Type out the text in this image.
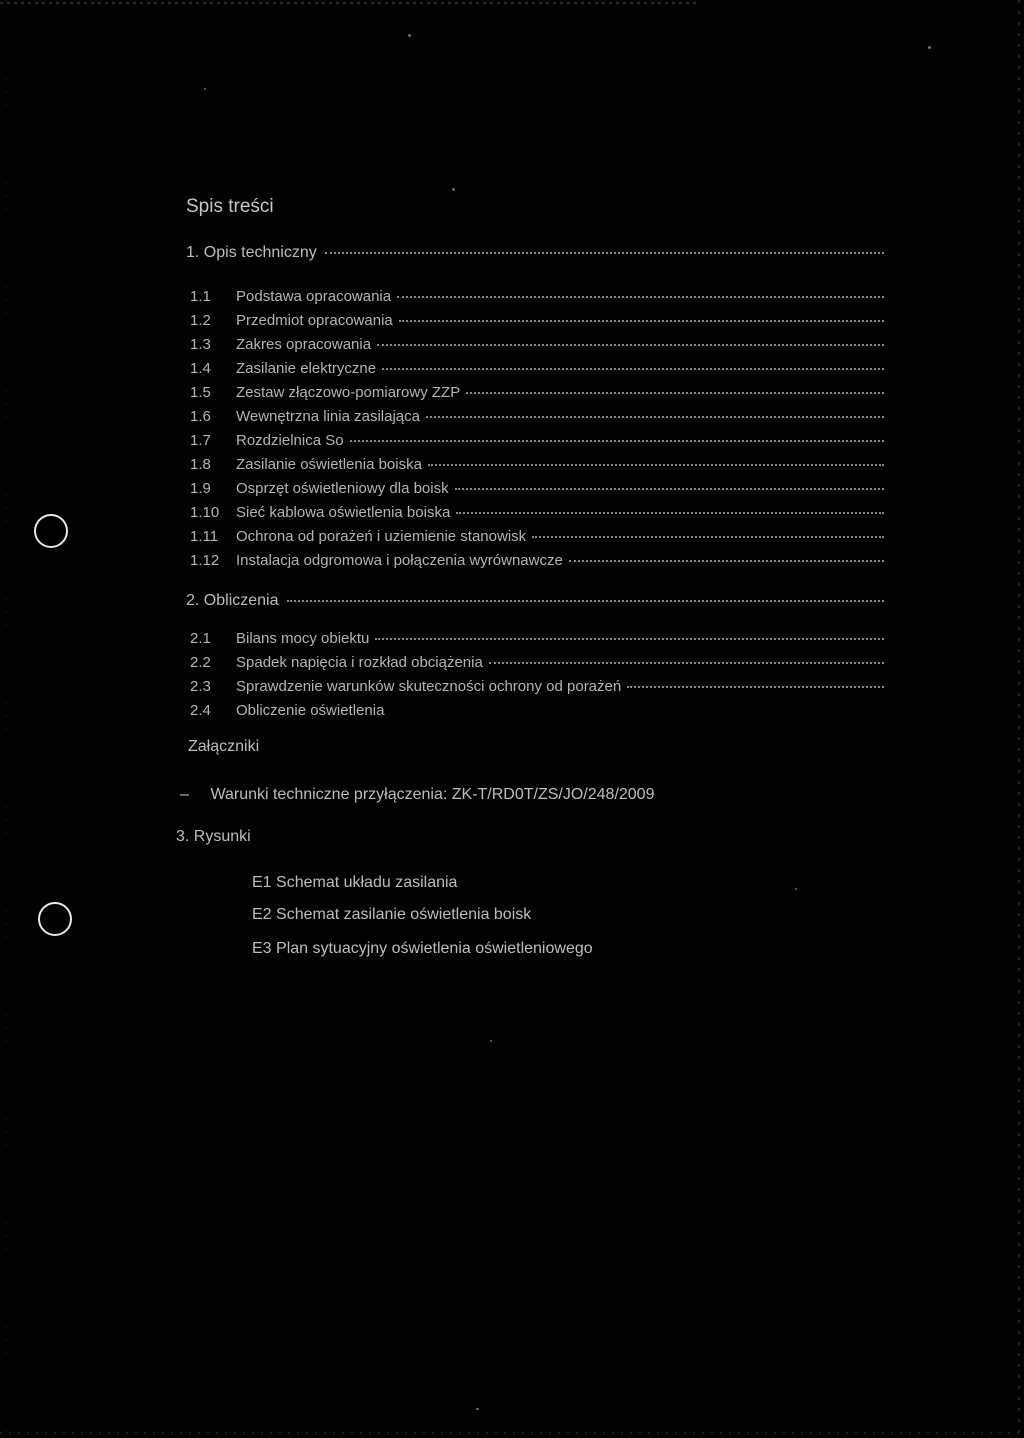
Spis treści
1. Opis techniczny
1.1	Podstawa opracowania
1.2	Przedmiot opracowania
1.3	Zakres opracowania
1.4	Zasilanie elektryczne
1.5	Zestaw złączowo-pomiarowy ZZP
1.6	Wewnętrzna linia zasilająca
1.7	Rozdzielnica So
1.8	Zasilanie oświetlenia boiska
1.9	Osprzęt oświetleniowy dla boisk
1.10	Sieć kablowa oświetlenia boiska
1.11	Ochrona od porażeń i uziemienie stanowisk
1.12	Instalacja odgromowa i połączenia wyrównawcze
2. Obliczenia
2.1	Bilans mocy obiektu
2.2	Spadek napięcia i rozkład obciążenia
2.3	Sprawdzenie warunków skuteczności ochrony od porażeń
2.4	Obliczenie oświetlenia
Załączniki
– Warunki techniczne przyłączenia: ZK-T/RD0T/ZS/JO/248/2009
3. Rysunki
E1 Schemat układu zasilania
E2 Schemat zasilanie oświetlenia boisk
E3 Plan sytuacyjny oświetlenia oświetleniowego
